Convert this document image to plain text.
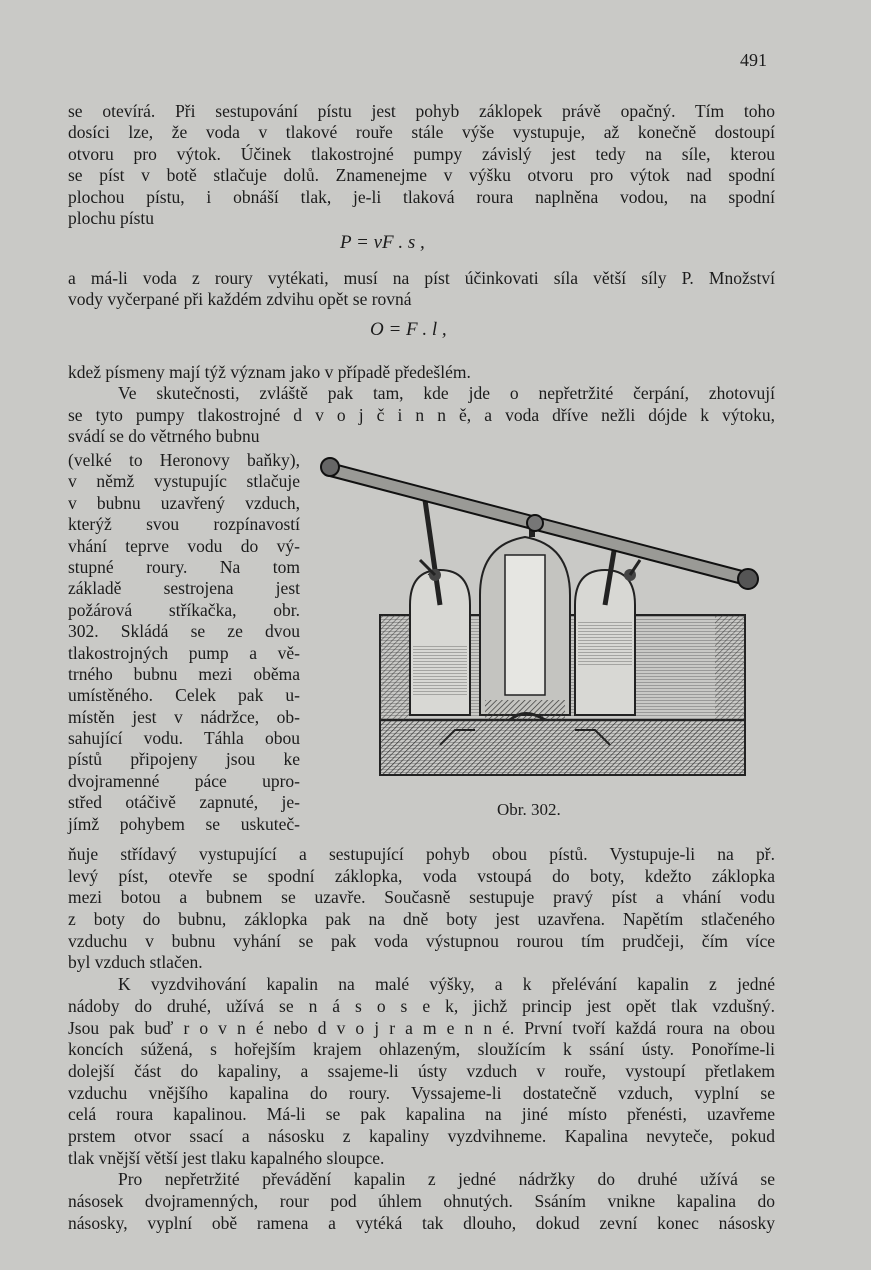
491
se otevírá. Při sestupování pístu jest pohyb záklopek právě opačný. Tím toho
dosíci lze, že voda v tlakové rouře stále výše vystupuje, až konečně dostoupí
otvoru pro výtok. Účinek tlakostrojné pumpy závislý jest tedy na síle, kterou
se píst v botě stlačuje dolů. Znamenejme v výšku otvoru pro výtok nad spodní
plochou pístu, i obnáší tlak, je-li tlaková roura naplněna vodou, na spodní
plochu pístu
P = vF . s ,
a má-li voda z roury vytékati, musí na píst účinkovati síla větší síly P. Množství
vody vyčerpané při každém zdvihu opět se rovná
O = F . l ,
kdež písmeny mají týž význam jako v případě předešlém.
Ve skutečnosti, zvláště pak tam, kde jde o nepřetržité čerpání, zhotovují
se tyto pumpy tlakostrojné d v o j č i n n ě, a voda dříve nežli dójde k výtoku,
svádí se do větrného bubnu
(velké to Heronovy baňky),
v němž vystupujíc stlačuje
v bubnu uzavřený vzduch,
kterýž svou rozpínavostí
vhání teprve vodu do vý-
stupné roury. Na tom
základě sestrojena jest
požárová stříkačka, obr.
302. Skládá se ze dvou
tlakostrojných pump a vě-
trného bubnu mezi oběma
umístěného. Celek pak u-
místěn jest v nádržce, ob-
sahující vodu. Táhla obou
pístů připojeny jsou ke
dvojramenné páce upro-
střed otáčivě zapnuté, je-
jímž pohybem se uskuteč-
ňuje střídavý vystupující a sestupující pohyb obou pístů. Vystupuje-li na př.
levý píst, otevře se spodní záklopka, voda vstoupá do boty, kdežto záklopka
mezi botou a bubnem se uzavře. Současně sestupuje pravý píst a vhání vodu
z boty do bubnu, záklopka pak na dně boty jest uzavřena. Napětím stlačeného
vzduchu v bubnu vyhání se pak voda výstupnou rourou tím prudčeji, čím více
byl vzduch stlačen.
K vyzdvihování kapalin na malé výšky, a k přelévání kapalin z jedné
nádoby do druhé, užívá se n á s o s e k, jichž princip jest opět tlak vzdušný.
Jsou pak buď r o v n é nebo d v o j r a m e n n é. První tvoří každá roura na obou
koncích súžená, s hořejším krajem ohlazeným, sloužícím k ssání ústy. Ponoříme-li
dolejší část do kapaliny, a ssajeme-li ústy vzduch v rouře, vystoupí přetlakem
vzduchu vnějšího kapalina do roury. Vyssajeme-li dostatečně vzduch, vyplní se
celá roura kapalinou. Má-li se pak kapalina na jiné místo přenésti, uzavřeme
prstem otvor ssací a násosku z kapaliny vyzdvihneme. Kapalina nevyteče, pokud
tlak vnější větší jest tlaku kapalného sloupce.
Pro nepřetržité převádění kapalin z jedné nádržky do druhé užívá se
násosek dvojramenných, rour pod úhlem ohnutých. Ssáním vnikne kapalina do
násosky, vyplní obě ramena a vytéká tak dlouho, dokud zevní konec násosky
Obr. 302.
